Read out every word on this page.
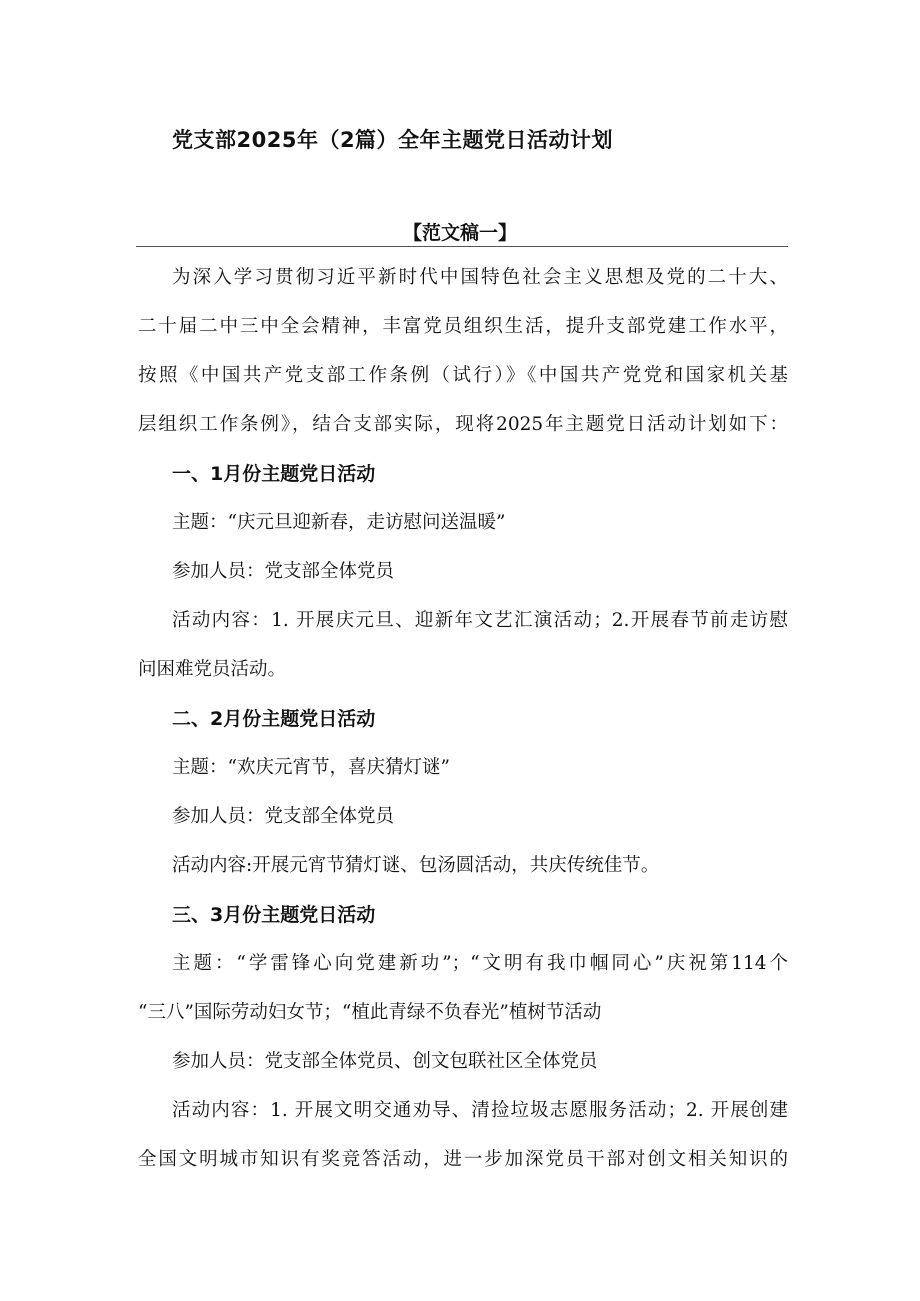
党支部2025年（2篇）全年主题党日活动计划
【范文稿一】
为深入学习贯彻习近平新时代中国特色社会主义思想及党的二十大、
二十届二中三中全会精神，丰富党员组织生活，提升支部党建工作水平，
按照《中国共产党支部工作条例（试行）》《中国共产党党和国家机关基
层组织工作条例》，结合支部实际，现将2025年主题党日活动计划如下：
一、1月份主题党日活动
主题：“庆元旦迎新春，走访慰问送温暖”
参加人员：党支部全体党员
活动内容：1. 开展庆元旦、迎新年文艺汇演活动；2.开展春节前走访慰
问困难党员活动。
二、2月份主题党日活动
主题：“欢庆元宵节，喜庆猜灯谜”
参加人员：党支部全体党员
活动内容:开展元宵节猜灯谜、包汤圆活动，共庆传统佳节。
三、3月份主题党日活动
主题：“学雷锋心向党建新功”；“文明有我巾帼同心”庆祝第114个
“三八”国际劳动妇女节；“植此青绿不负春光”植树节活动
参加人员：党支部全体党员、创文包联社区全体党员
活动内容：1. 开展文明交通劝导、清捡垃圾志愿服务活动；2. 开展创建
全国文明城市知识有奖竞答活动，进一步加深党员干部对创文相关知识的
